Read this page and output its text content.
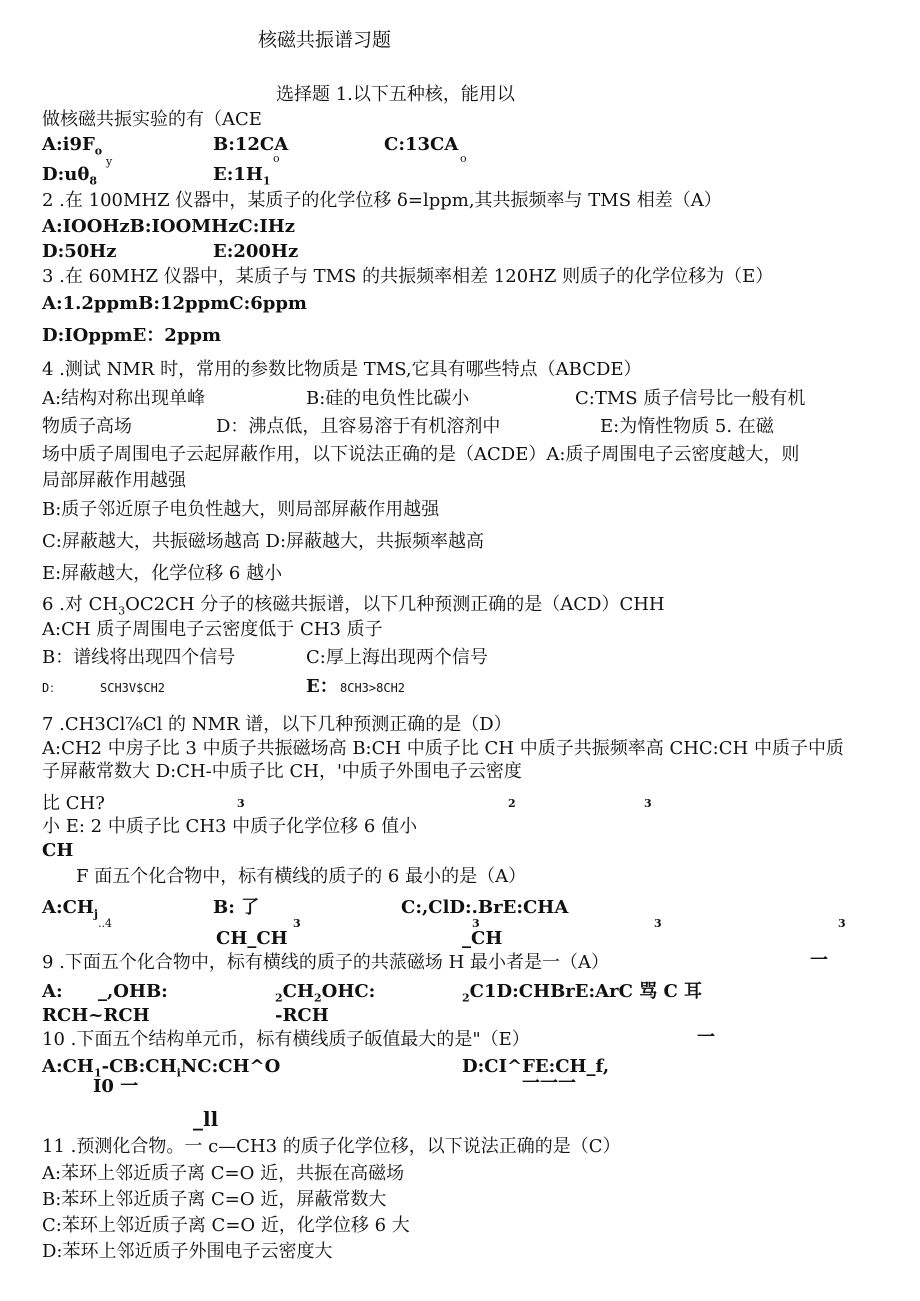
核磁共振谱习题
选择题 1.以下五种核，能用以
做核磁共振实验的有（ACE
$A:i9F_o$
y
B:12CA
o
C:13CA
o
$D:u\theta_8$	$E:1H_1$
2 .在 100MHZ 仪器中，某质子的化学位移 δ=lppm,其共振频率与 TMS 相差（A）
A:IOOHzB:IOOMHzC:IHz
D:50Hz	E:200Hz
3 .在 60MHZ 仪器中，某质子与 TMS 的共振频率相差 120HZ 则质子的化学位移为（E）
A:1.2ppmB:12ppmC:6ppm
D:IOppmE：2ppm
4 .测试 NMR 时，常用的参数比物质是 TMS,它具有哪些特点（ABCDE）
A:结构对称出现单峰	B:硅的电负性比碳小	C:TMS 质子信号比一般有机
物质子高场	D：沸点低，且容易溶于有机溶剂中	E:为惰性物质 5. 在磁
场中质子周围电子云起屏蔽作用，以下说法正确的是（ACDE）A:质子周围电子云密度越大，则
局部屏蔽作用越强
B:质子邻近原子电负性越大，则局部屏蔽作用越强
C:屏蔽越大，共振磁场越高 D:屏蔽越大，共振频率越高
E:屏蔽越大，化学位移 6 越小
6 .对 $CH_3OC2CH$ 分子的核磁共振谱，以下几种预测正确的是（ACD）CHH
A:CH 质子周围电子云密度低于 CH3 质子
B：谱线将出现四个信号	C:厚上海出现两个信号
D：	SCH3V$CH2	E： 8CH3>8CH2
7 .CH3Cl⅞Cl 的 NMR 谱，以下几种预测正确的是（D）
A:CH2 中房子比 3 中质子共振磁场高 B:CH 中质子比 CH 中质子共振频率高 CHC:CH 中质子中质
子屏蔽常数大 D:CH-中质子比 CH，'中质子外围电子云密度
比 CH?	3	2	3
小 E: 2 中质子比 CH3 中质子化学位移 6 值小
CH
F 面五个化合物中，标有横线的质子的 6 最小的是（A）
$A:CH_j$
..4
B: 了	C:,ClD:.BrE:CHA
3	3	3	3
CH_CH	_CH
9 .下面五个化合物中，标有横线的质子的共蒎磁场 H 最小者是一（A）	一
A: _,OHB:	$_2CH_2OHC$:	$_2$C1D:CHBrE:ArC 骂 C 耳
RCH~RCH	-RCH
10 .下面五个结构单元币，标有横线质子皈值最大的是"（E）	一
$A:CH_1-CB:CH_iNC:CH\^{}O$	D:CI^FE:CH_f,
I0 一	一一一
_ll
11 .预测化合物。一 c—CH3 的质子化学位移，以下说法正确的是（C）
A:苯环上邻近质子离 C=O 近，共振在高磁场
B:苯环上邻近质子离 C=O 近，屏蔽常数大
C:苯环上邻近质子离 C=O 近，化学位移 6 大
D:苯环上邻近质子外围电子云密度大
